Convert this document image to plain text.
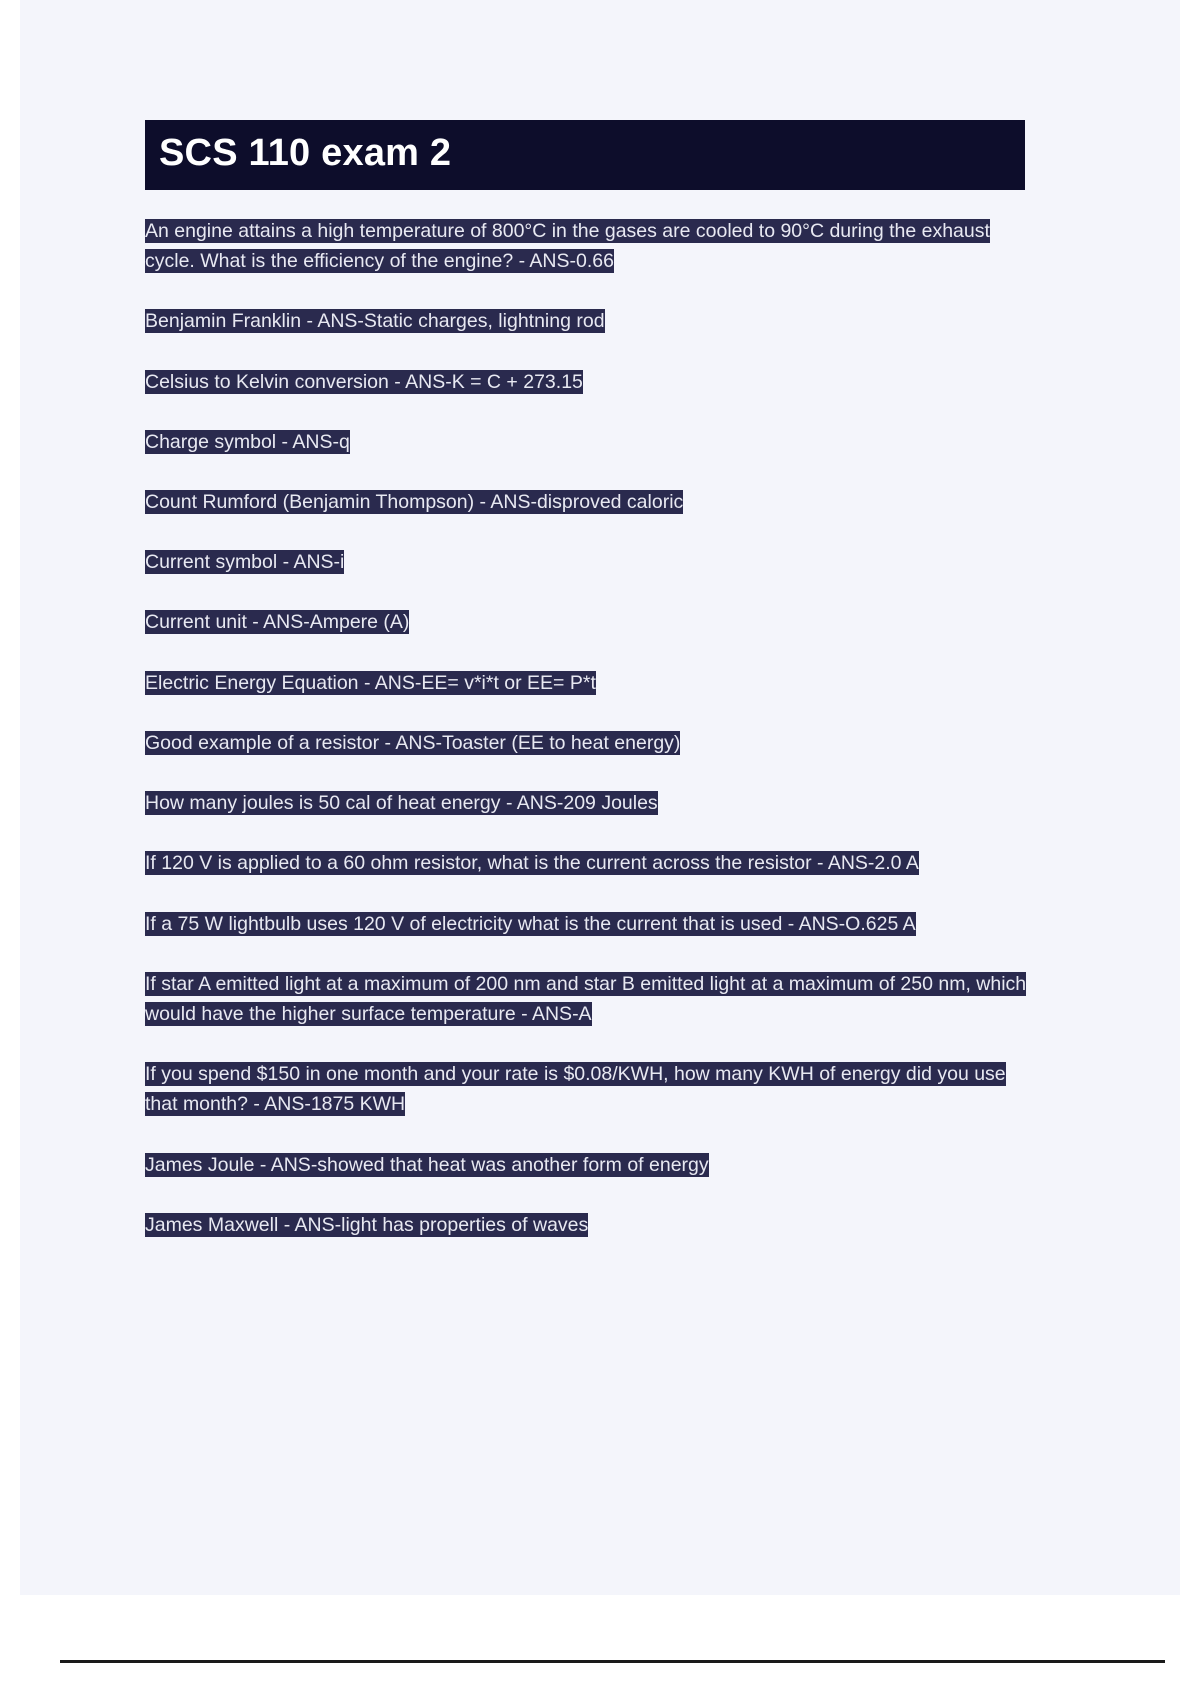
SCS 110 exam 2

An engine attains a high temperature of 800°C in the gases are cooled to 90°C during the exhaust cycle. What is the efficiency of the engine? - ANS-0.66

Benjamin Franklin - ANS-Static charges, lightning rod

Celsius to Kelvin conversion - ANS-K = C + 273.15

Charge symbol - ANS-q

Count Rumford (Benjamin Thompson) - ANS-disproved caloric

Current symbol - ANS-i

Current unit - ANS-Ampere (A)

Electric Energy Equation - ANS-EE= v*i*t or EE= P*t

Good example of a resistor - ANS-Toaster (EE to heat energy)

How many joules is 50 cal of heat energy - ANS-209 Joules

If 120 V is applied to a 60 ohm resistor, what is the current across the resistor - ANS-2.0 A

If a 75 W lightbulb uses 120 V of electricity what is the current that is used - ANS-O.625 A

If star A emitted light at a maximum of 200 nm and star B emitted light at a maximum of 250 nm, which would have the higher surface temperature - ANS-A

If you spend $150 in one month and your rate is $0.08/KWH, how many KWH of energy did you use that month? - ANS-1875 KWH

James Joule - ANS-showed that heat was another form of energy

James Maxwell - ANS-light has properties of waves
